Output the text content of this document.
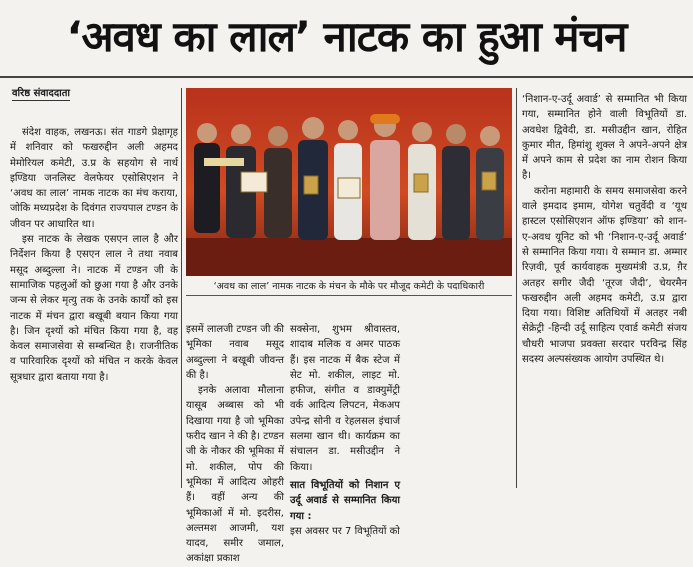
‘अवध का लाल’ नाटक का हुआ मंचन
वरिष्ठ संवाददाता

संदेश वाहक, लखनऊ। संत गाडगे प्रेक्षागृह में शनिवार को फखरुद्दीन अली अहमद मेमोरियल कमेटी, उ.प्र के सहयोग से नार्थ इण्डिया जनलिस्ट वेलफेयर एसोसिएशन ने ‘अवध का लाल’ नामक नाटक का मंच कराया, जोकि मध्यप्रदेश के दिवंगत राज्यपाल टण्डन के जीवन पर आधारित था।

इस नाटक के लेखक एसएन लाल है और निर्देशन किया है एसएन लाल ने तथा नवाब मसूद अब्दुल्ला ने। नाटक में टण्डन जी के सामाजिक पहलुओं को छुआ गया है और उनके जन्म से लेकर मृत्यु तक के उनके कार्यों को इस नाटक में मंचन द्वारा बखूबी बयान किया गया है। जिन दृश्यों को मंचित किया गया है, वह केवल समाजसेवा से सम्बन्धित है। राजनीतिक व पारिवारिक दृश्यों को मंचित न करके केवल सूत्रधार द्वारा बताया गया है।

‘अवध का लाल’ नामक नाटक के मंचन के मौके पर मौजूद कमेटी के पदाधिकारी

इसमें लालजी टण्डन जी की भूमिका नवाब मसूद अब्दुल्ला ने बखूबी जीवन्त की है।

इनके अलावा मौलाना यासूब अब्बास को भी दिखाया गया है जो भूमिका फरीद खान ने की है। टण्डन जी के नौकर की भूमिका में मो. शकील, पोप की भूमिका में आदित्य ओहरी हैं। वहीं अन्य की भूमिकाओं में मो. इदरीस, अल्तमश आजमी, यश यादव, समीर जमाल, अकांक्षा प्रकाश

सक्सेना, शुभम श्रीवास्तव, शादाब मलिक व अमर पाठक हैं। इस नाटक में बैक स्टेज में सेट मो. शकील, लाइट मो. हफीज, संगीत व डाक्युमेंट्री वर्क आदित्य लिपटन, मेकअप उपेन्द्र सोनी व रेहलसल इंचार्ज सलमा खान थी। कार्यक्रम का संचालन डा. मसीउद्दीन ने किया।

सात विभूतियों को निशान ए उर्दू अवार्ड से सम्मानित किया गया :

इस अवसर पर 7 विभूतियों को

‘निशान-ए-उर्दू अवार्ड’ से सम्मानित भी किया गया, सम्मानित होने वाली विभूतियों डा. अवधेश द्विवेदी, डा. मसीउद्दीन खान, रोहित कुमार मीत, हिमांशु शुक्ल ने अपने-अपने क्षेत्र में अपने काम से प्रदेश का नाम रोशन किया है।

करोना महामारी के समय समाजसेवा करने वाले इमदाद इमाम, योगेश चतुर्वेदी व ‘यूथ हास्टल एसोसिएशन ऑफ इण्डिया’ को शान-ए-अवध यूनिट को भी ‘निशान-ए-उर्दू अवार्ड’ से सम्मानित किया गया। ये सम्मान डा. अम्मार रिज़वी, पूर्व कार्यवाहक मुख्यमंत्री उ.प्र, ग़ैर अतहर सगीर जैदी ‘तूरज जैदी’, चेयरमैन फखरुद्दीन अली अहमद कमेटी, उ.प्र द्वारा दिया गया। विशिष्ट अतिथियों में अतहर नबी सेक्रेट्री -हिन्दी उर्दू साहित्य एवार्ड कमेटी संजय चौधरी भाजपा प्रवक्ता सरदार परविन्द्र सिंह सदस्य अल्पसंख्यक आयोग उपस्थित थे।
